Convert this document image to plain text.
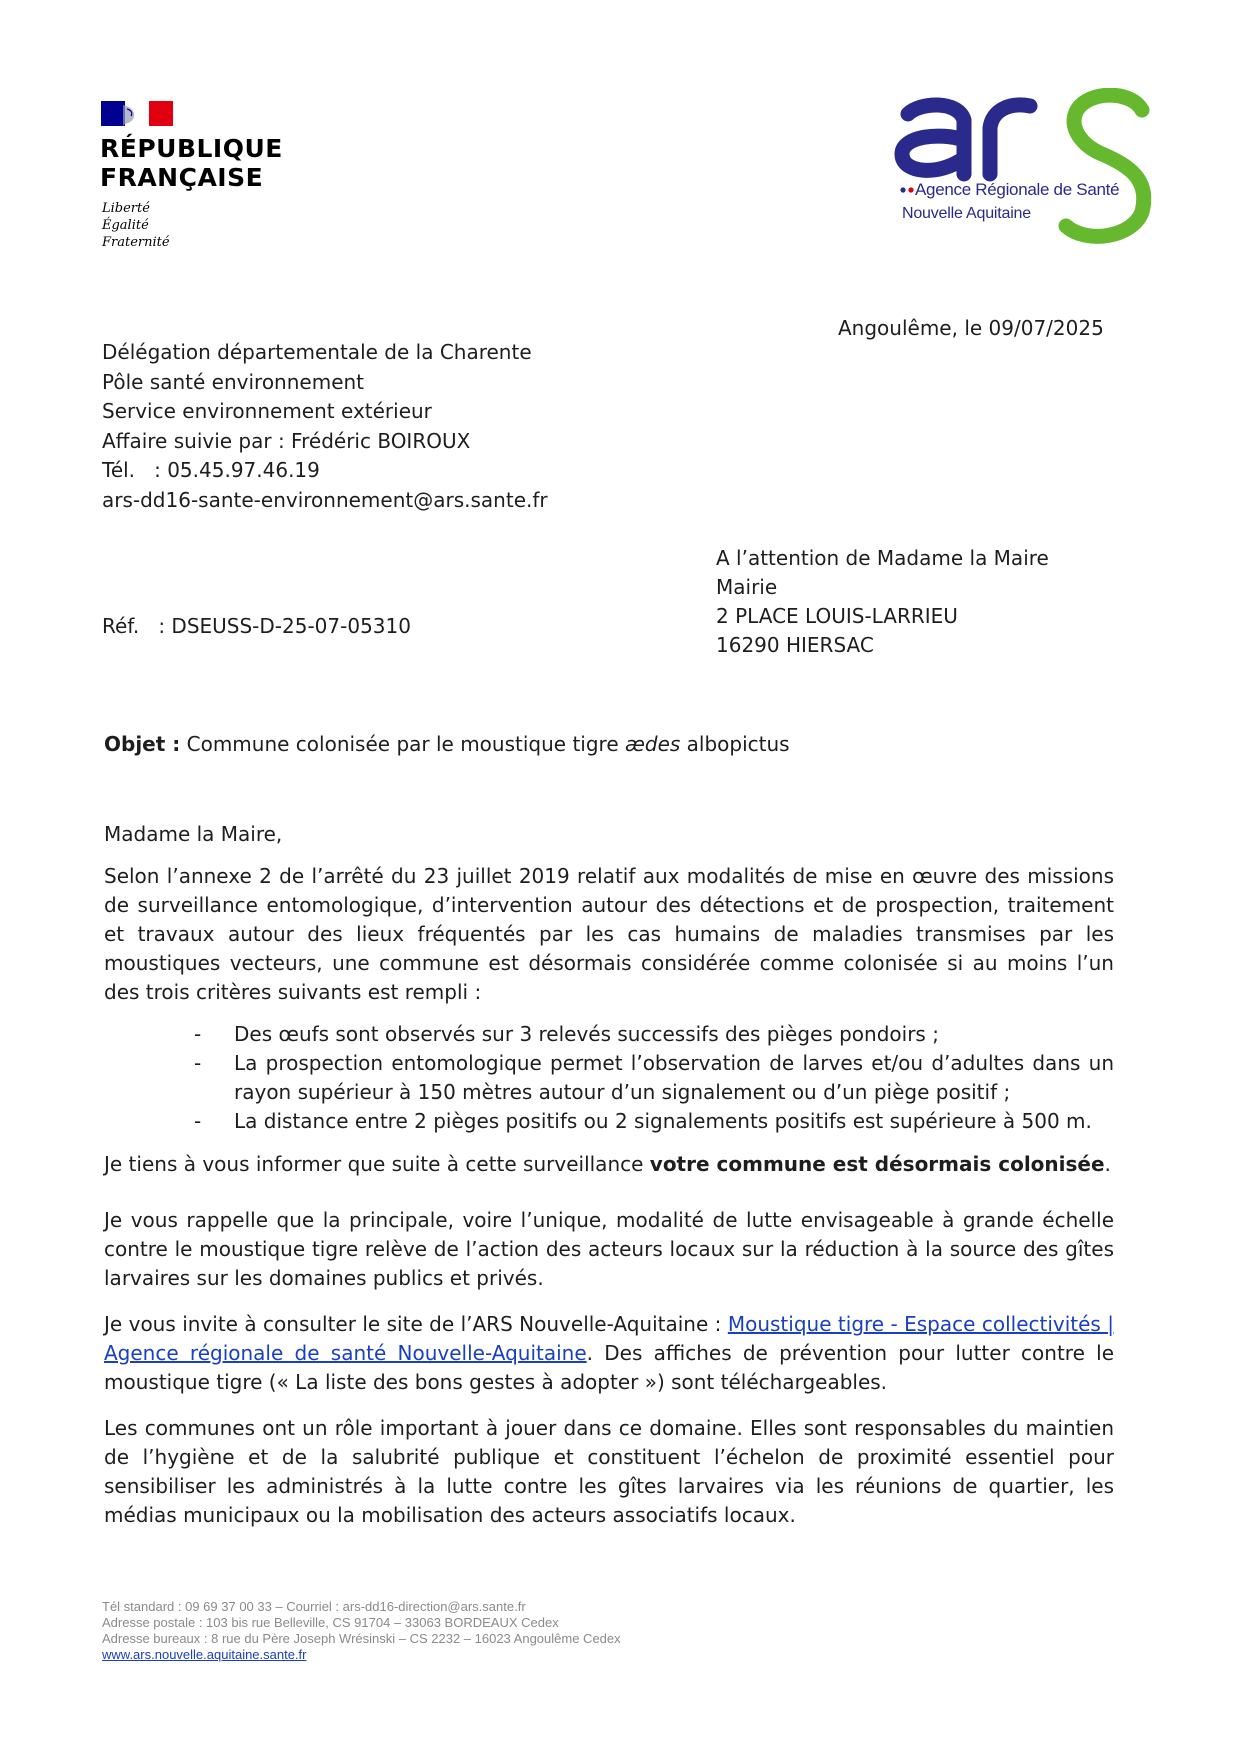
RÉPUBLIQUE
FRANÇAISE
Liberté
Égalité
Fraternité
Agence Régionale de Santé
Nouvelle Aquitaine
Angoulême, le 09/07/2025
Délégation départementale de la Charente
Pôle santé environnement
Service environnement extérieur
Affaire suivie par : Frédéric BOIROUX
Tél.   : 05.45.97.46.19
ars-dd16-sante-environnement@ars.sante.fr
A l’attention de Madame la Maire
Mairie
2 PLACE LOUIS-LARRIEU
16290 HIERSAC
Réf.   : DSEUSS-D-25-07-05310
Objet : Commune colonisée par le moustique tigre ædes albopictus
Madame la Maire,
Selon l’annexe 2 de l’arrêté du 23 juillet 2019 relatif aux modalités de mise en œuvre des missions de surveillance entomologique, d’intervention autour des détections et de prospection, traitement et travaux autour des lieux fréquentés par les cas humains de maladies transmises par les moustiques vecteurs, une commune est désormais considérée comme colonisée si au moins l’un des trois critères suivants est rempli :
- Des œufs sont observés sur 3 relevés successifs des pièges pondoirs ;
- La prospection entomologique permet l’observation de larves et/ou d’adultes dans un rayon supérieur à 150 mètres autour d’un signalement ou d’un piège positif ;
- La distance entre 2 pièges positifs ou 2 signalements positifs est supérieure à 500 m.
Je tiens à vous informer que suite à cette surveillance votre commune est désormais colonisée.
Je vous rappelle que la principale, voire l’unique, modalité de lutte envisageable à grande échelle contre le moustique tigre relève de l’action des acteurs locaux sur la réduction à la source des gîtes larvaires sur les domaines publics et privés.
Je vous invite à consulter le site de l’ARS Nouvelle-Aquitaine : Moustique tigre - Espace collectivités | Agence régionale de santé Nouvelle-Aquitaine. Des affiches de prévention pour lutter contre le moustique tigre (« La liste des bons gestes à adopter ») sont téléchargeables.
Les communes ont un rôle important à jouer dans ce domaine. Elles sont responsables du maintien de l’hygiène et de la salubrité publique et constituent l’échelon de proximité essentiel pour sensibiliser les administrés à la lutte contre les gîtes larvaires via les réunions de quartier, les médias municipaux ou la mobilisation des acteurs associatifs locaux.
Tél standard : 09 69 37 00 33 – Courriel : ars-dd16-direction@ars.sante.fr
Adresse postale : 103 bis rue Belleville, CS 91704 – 33063 BORDEAUX Cedex
Adresse bureaux : 8 rue du Père Joseph Wrésinski – CS 2232 – 16023 Angoulême Cedex
www.ars.nouvelle.aquitaine.sante.fr
